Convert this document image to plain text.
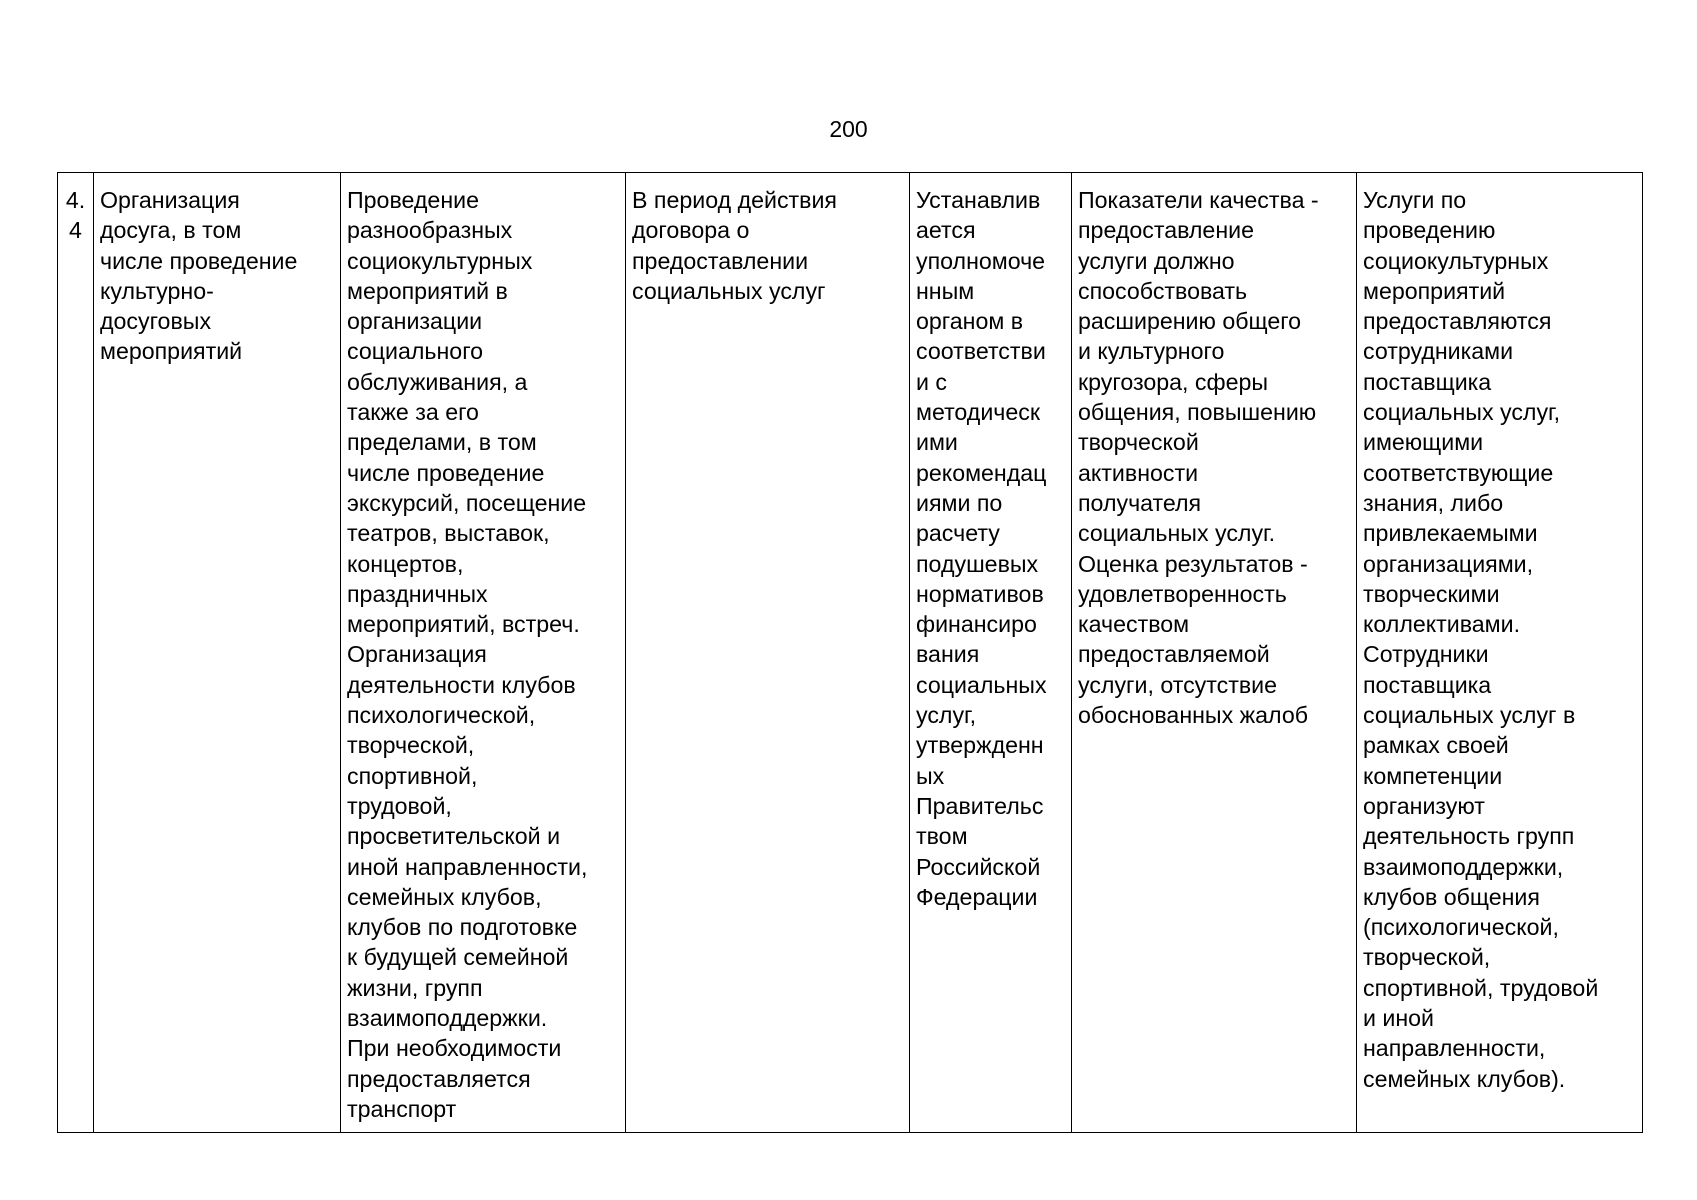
200
4.
4

Организация
досуга, в том
числе проведение
культурно-
досуговых
мероприятий

Проведение
разнообразных
социокультурных
мероприятий в
организации
социального
обслуживания, а
также за его
пределами, в том
числе проведение
экскурсий, посещение
театров, выставок,
концертов,
праздничных
мероприятий, встреч.
Организация
деятельности клубов
психологической,
творческой,
спортивной,
трудовой,
просветительской и
иной направленности,
семейных клубов,
клубов по подготовке
к будущей семейной
жизни, групп
взаимоподдержки.
При необходимости
предоставляется
транспорт

В период действия
договора о
предоставлении
социальных услуг

Устанавлив
ается
уполномоче
нным
органом в
соответстви
и с
методическ
ими
рекомендац
иями по
расчету
подушевых
нормативов
финансиро
вания
социальных
услуг,
утвержденн
ых
Правительс
твом
Российской
Федерации

Показатели качества -
предоставление
услуги должно
способствовать
расширению общего
и культурного
кругозора, сферы
общения, повышению
творческой
активности
получателя
социальных услуг.
Оценка результатов -
удовлетворенность
качеством
предоставляемой
услуги, отсутствие
обоснованных жалоб

Услуги по
проведению
социокультурных
мероприятий
предоставляются
сотрудниками
поставщика
социальных услуг,
имеющими
соответствующие
знания, либо
привлекаемыми
организациями,
творческими
коллективами.
Сотрудники
поставщика
социальных услуг в
рамках своей
компетенции
организуют
деятельность групп
взаимоподдержки,
клубов общения
(психологической,
творческой,
спортивной, трудовой
и иной
направленности,
семейных клубов).
